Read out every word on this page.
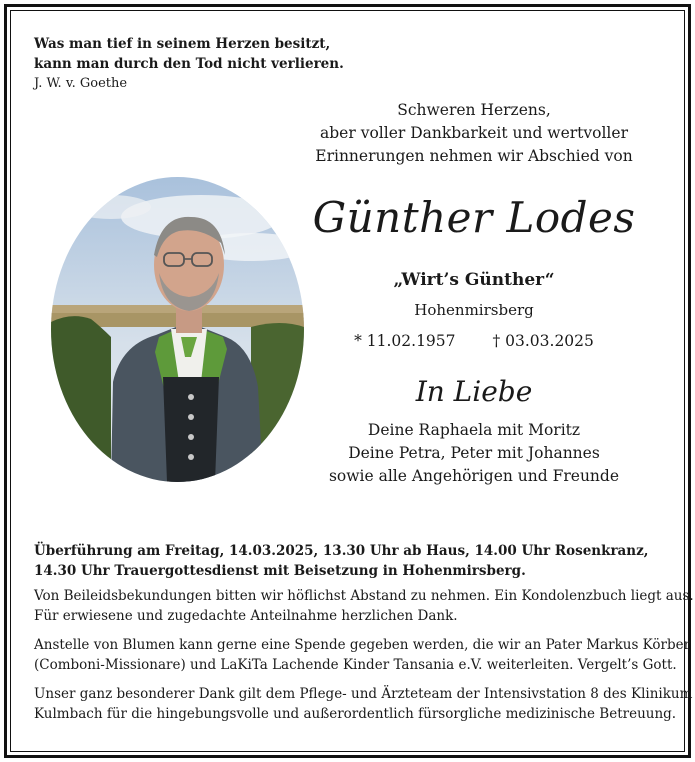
Was man tief in seinem Herzen besitzt,
kann man durch den Tod nicht verlieren.
J. W. v. Goethe
Schweren Herzens,
aber voller Dankbarkeit und wertvoller
Erinnerungen nehmen wir Abschied von
Günther Lodes
„Wirt’s Günther“
Hohenmirsberg
* 11.02.1957 † 03.03.2025
In Liebe
Deine Raphaela mit Moritz
Deine Petra, Peter mit Johannes
sowie alle Angehörigen und Freunde
Überführung am Freitag, 14.03.2025, 13.30 Uhr ab Haus, 14.00 Uhr Rosenkranz,
14.30 Uhr Trauergottesdienst mit Beisetzung in Hohenmirsberg.
Von Beileidsbekundungen bitten wir höflichst Abstand zu nehmen. Ein Kondolenzbuch liegt aus.
Für erwiesene und zugedachte Anteilnahme herzlichen Dank.
Anstelle von Blumen kann gerne eine Spende gegeben werden, die wir an Pater Markus Körber
(Comboni-Missionare) und LaKiTa Lachende Kinder Tansania e.V. weiterleiten. Vergelt’s Gott.
Unser ganz besonderer Dank gilt dem Pflege- und Ärzteteam der Intensivstation 8 des Klinikum
Kulmbach für die hingebungsvolle und außerordentlich fürsorgliche medizinische Betreuung.
